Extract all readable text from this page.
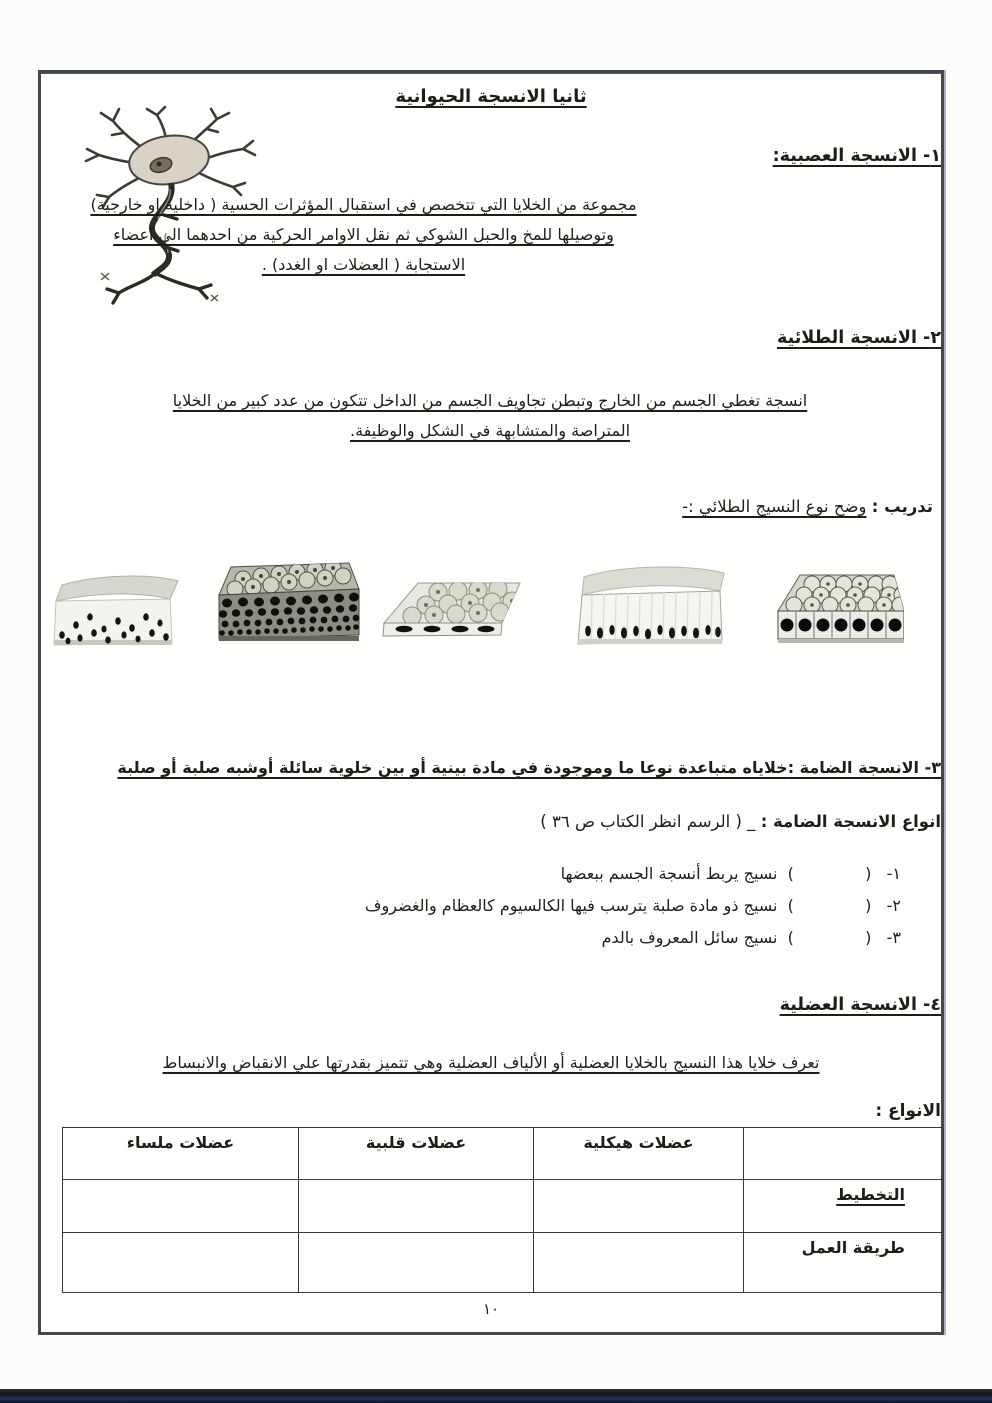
ثانيا الانسجة الحيوانية
١- الانسجة العصبية:
مجموعة من الخلايا التي تتخصص في استقبال المؤثرات الحسية ( داخلية او خارجية)
وتوصيلها للمخ والحبل الشوكي ثم نقل الاوامر الحركية من احدهما الي اعضاء
الاستجابة ( العضلات او الغدد) .
٢- الانسجة الطلائية
انسجة تغطي الجسم من الخارج وتبطن تجاويف الجسم من الداخل تتكون من عدد كبير من الخلايا
المتراصة والمتشابهة في الشكل والوظيفة.
تدريب : وضح نوع النسيج الطلائي :-
٣- الانسجة الضامة :خلاياه متباعدة نوعا ما وموجودة في مادة بينية أو بين خلوية سائلة أوشبه صلبة أو صلبة
انواع الانسجة الضامة : _ ( الرسم انظر الكتاب ص ٣٦ )
١-   (              )  نسيج يربط أنسجة الجسم ببعضها
٢-   (              )  نسيج ذو مادة صلبة يترسب فيها الكالسيوم كالعظام والغضروف
٣-   (              )  نسيج سائل المعروف بالدم
٤- الانسجة العضلية
تعرف خلايا هذا النسيج بالخلايا العضلية أو الألياف العضلية وهي تتميز بقدرتها علي الانقباض والانبساط
الانواع :
	عضلات هيكلية	عضلات قلبية	عضلات ملساء
التخطيط			
طريقة العمل			
١٠
